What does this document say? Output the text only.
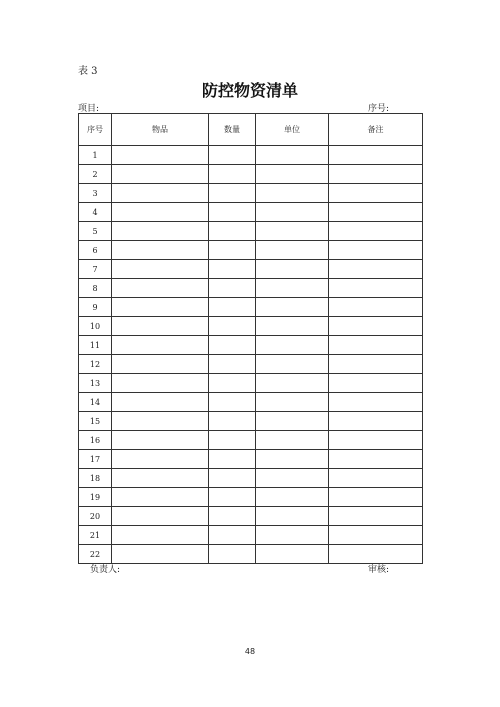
表 3
防控物资清单
项目:	序号:
序号	物品	数量	单位	备注
1				
2				
3				
4				
5				
6				
7				
8				
9				
10				
11				
12				
13				
14				
15				
16				
17				
18				
19				
20				
21				
22				
负责人:	审核:
48
